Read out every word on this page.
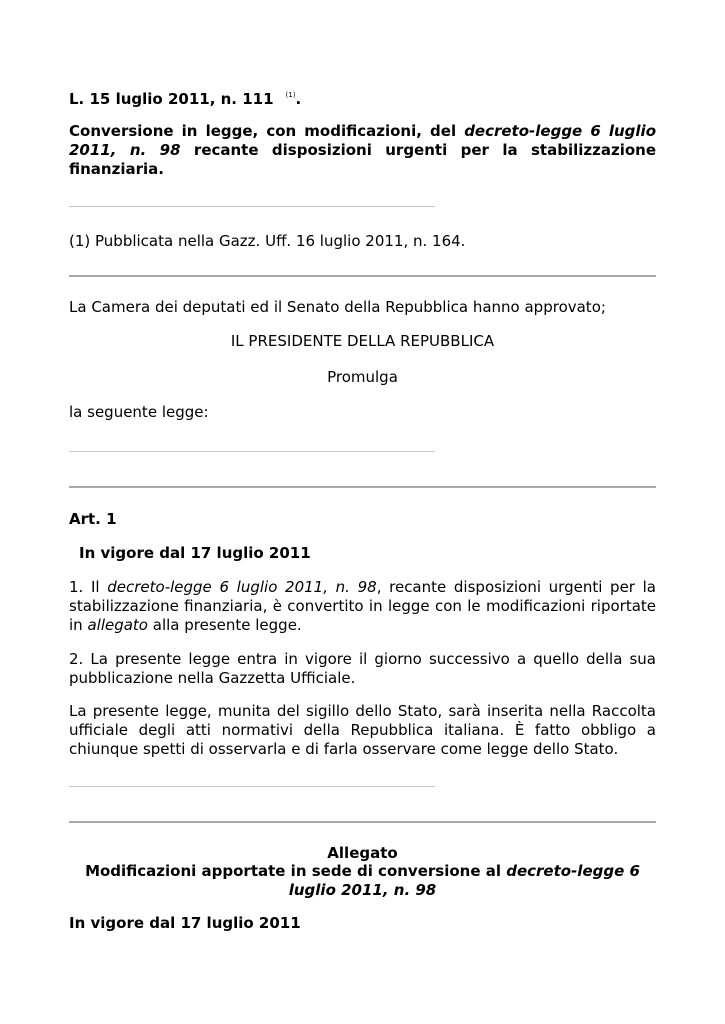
L. 15 luglio 2011, n. 111 $^{(1)}$.
Conversione in legge, con modificazioni, del decreto-legge 6 luglio 2011, n. 98 recante disposizioni urgenti per la stabilizzazione finanziaria.
(1) Pubblicata nella Gazz. Uff. 16 luglio 2011, n. 164.
La Camera dei deputati ed il Senato della Repubblica hanno approvato;
IL PRESIDENTE DELLA REPUBBLICA
Promulga
la seguente legge:
Art. 1
In vigore dal 17 luglio 2011
1. Il decreto-legge 6 luglio 2011, n. 98, recante disposizioni urgenti per la stabilizzazione finanziaria, è convertito in legge con le modificazioni riportate in allegato alla presente legge.
2. La presente legge entra in vigore il giorno successivo a quello della sua pubblicazione nella Gazzetta Ufficiale.
La presente legge, munita del sigillo dello Stato, sarà inserita nella Raccolta ufficiale degli atti normativi della Repubblica italiana. È fatto obbligo a chiunque spetti di osservarla e di farla osservare come legge dello Stato.
Allegato
Modificazioni apportate in sede di conversione al decreto-legge 6 luglio 2011, n. 98
In vigore dal 17 luglio 2011
